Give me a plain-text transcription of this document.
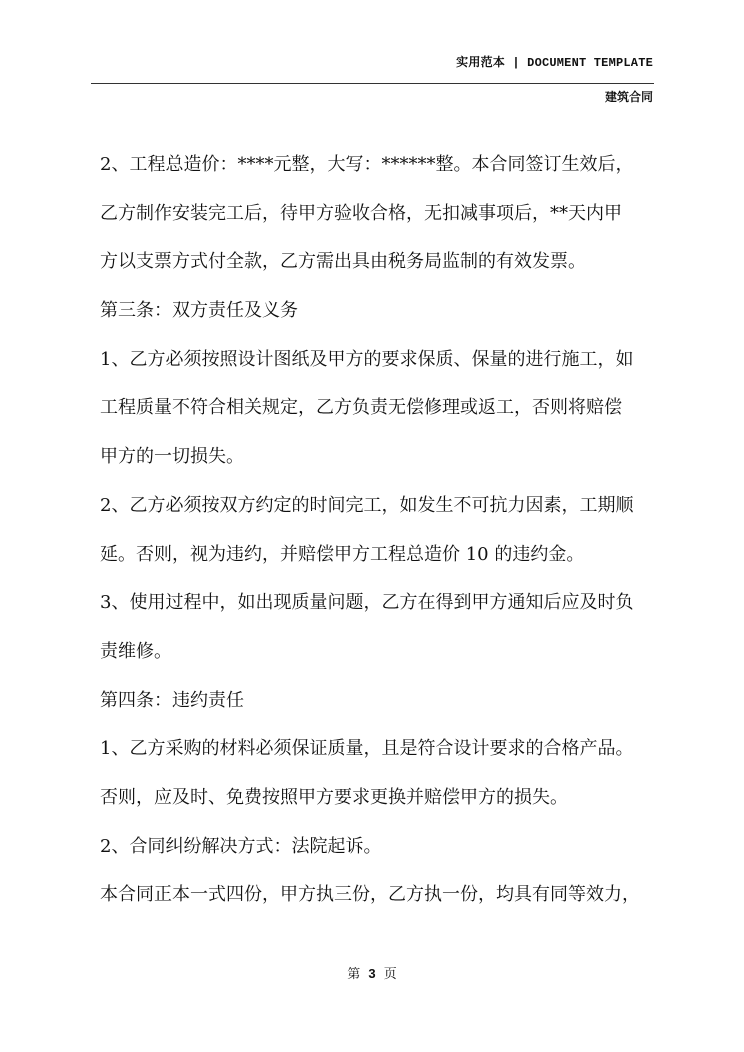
实用范本 | DOCUMENT TEMPLATE
建筑合同
2、工程总造价：****元整，大写：******整。本合同签订生效后，
乙方制作安装完工后，待甲方验收合格，无扣减事项后，**天内甲
方以支票方式付全款，乙方需出具由税务局监制的有效发票。
第三条：双方责任及义务
1、乙方必须按照设计图纸及甲方的要求保质、保量的进行施工，如
工程质量不符合相关规定，乙方负责无偿修理或返工，否则将赔偿
甲方的一切损失。
2、乙方必须按双方约定的时间完工，如发生不可抗力因素，工期顺
延。否则，视为违约，并赔偿甲方工程总造价 10 的违约金。
3、使用过程中，如出现质量问题，乙方在得到甲方通知后应及时负
责维修。
第四条：违约责任
1、乙方采购的材料必须保证质量，且是符合设计要求的合格产品。
否则，应及时、免费按照甲方要求更换并赔偿甲方的损失。
2、合同纠纷解决方式：法院起诉。
本合同正本一式四份，甲方执三份，乙方执一份，均具有同等效力，
第 3 页
